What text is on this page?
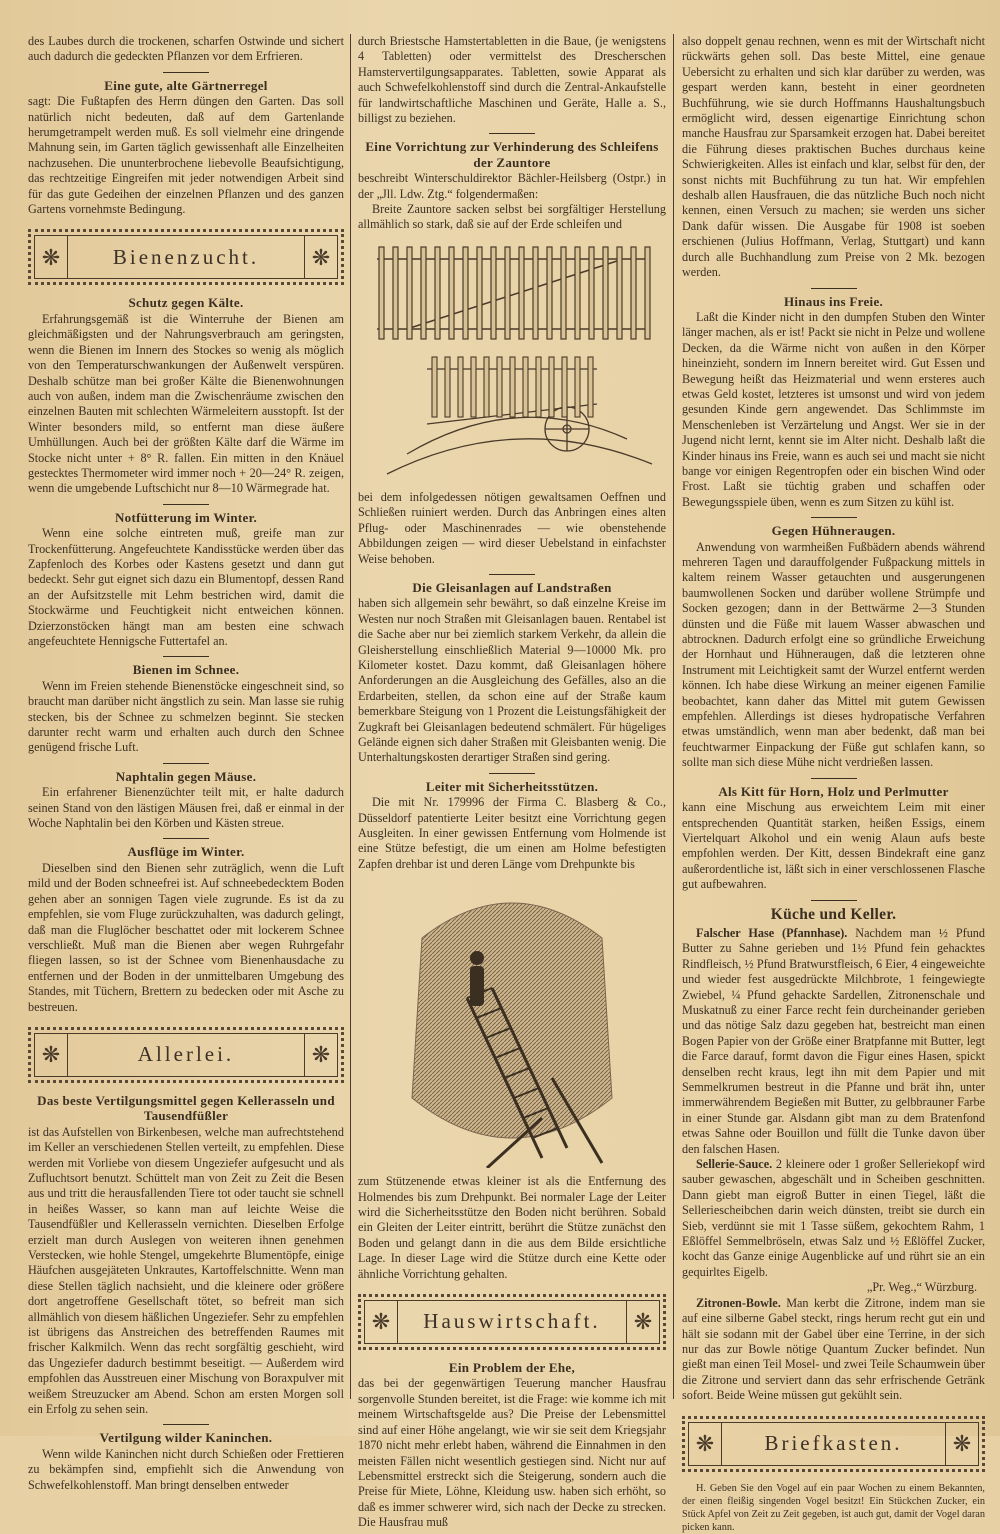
des Laubes durch die trockenen, scharfen Ostwinde und sichert auch dadurch die gedeckten Pflanzen vor dem Erfrieren.

Eine gute, alte Gärtnerregel

sagt: Die Fußtapfen des Herrn düngen den Garten. Das soll natürlich nicht bedeuten, daß auf dem Gartenlande herumgetrampelt werden muß. Es soll vielmehr eine dringende Mahnung sein, im Garten täglich gewissenhaft alle Einzelheiten nachzusehen. Die ununterbrochene liebevolle Beaufsichtigung, das rechtzeitige Eingreifen mit jeder notwendigen Arbeit sind für das gute Gedeihen der einzelnen Pflanzen und des ganzen Gartens vornehmste Bedingung.

❋	Bienenzucht.	❋
Schutz gegen Kälte.

Erfahrungsgemäß ist die Winterruhe der Bienen am gleichmäßigsten und der Nahrungsverbrauch am geringsten, wenn die Bienen im Innern des Stockes so wenig als möglich von den Temperaturschwankungen der Außenwelt verspüren. Deshalb schütze man bei großer Kälte die Bienenwohnungen auch von außen, indem man die Zwischenräume zwischen den einzelnen Bauten mit schlechten Wärmeleitern ausstopft. Ist der Winter besonders mild, so entfernt man diese äußere Umhüllungen. Auch bei der größten Kälte darf die Wärme im Stocke nicht unter + 8° R. fallen. Ein mitten in den Knäuel gestecktes Thermometer wird immer noch + 20—24° R. zeigen, wenn die umgebende Luftschicht nur 8—10 Wärmegrade hat.

Notfütterung im Winter.

Wenn eine solche eintreten muß, greife man zur Trockenfütterung. Angefeuchtete Kandisstücke werden über das Zapfenloch des Korbes oder Kastens gesetzt und dann gut bedeckt. Sehr gut eignet sich dazu ein Blumentopf, dessen Rand an der Aufsitzstelle mit Lehm bestrichen wird, damit die Stockwärme und Feuchtigkeit nicht entweichen können. Dzierzonstöcken hängt man am besten eine schwach angefeuchtete Hennigsche Futtertafel an.

Bienen im Schnee.

Wenn im Freien stehende Bienenstöcke eingeschneit sind, so braucht man darüber nicht ängstlich zu sein. Man lasse sie ruhig stecken, bis der Schnee zu schmelzen beginnt. Sie stecken darunter recht warm und erhalten auch durch den Schnee genügend frische Luft.

Naphtalin gegen Mäuse.

Ein erfahrener Bienenzüchter teilt mit, er halte dadurch seinen Stand von den lästigen Mäusen frei, daß er einmal in der Woche Naphtalin bei den Körben und Kästen streue.

Ausflüge im Winter.

Dieselben sind den Bienen sehr zuträglich, wenn die Luft mild und der Boden schneefrei ist. Auf schneebedecktem Boden gehen aber an sonnigen Tagen viele zugrunde. Es ist da zu empfehlen, sie vom Fluge zurückzuhalten, was dadurch gelingt, daß man die Fluglöcher beschattet oder mit lockerem Schnee verschließt. Muß man die Bienen aber wegen Ruhrgefahr fliegen lassen, so ist der Schnee vom Bienenhausdache zu entfernen und der Boden in der unmittelbaren Umgebung des Standes, mit Tüchern, Brettern zu bedecken oder mit Asche zu bestreuen.

❋	Allerlei.	❋
Das beste Vertilgungsmittel gegen Kellerasseln und Tausendfüßler

ist das Aufstellen von Birkenbesen, welche man aufrechtstehend im Keller an verschiedenen Stellen verteilt, zu empfehlen. Diese werden mit Vorliebe von diesem Ungeziefer aufgesucht und als Zufluchtsort benutzt. Schüttelt man von Zeit zu Zeit die Besen aus und tritt die herausfallenden Tiere tot oder taucht sie schnell in heißes Wasser, so kann man auf leichte Weise die Tausendfüßler und Kellerasseln vernichten. Dieselben Erfolge erzielt man durch Auslegen von weiteren ihnen genehmen Verstecken, wie hohle Stengel, umgekehrte Blumentöpfe, einige Häufchen ausgejäteten Unkrautes, Kartoffelschnitte. Wenn man diese Stellen täglich nachsieht, und die kleinere oder größere dort angetroffene Gesellschaft tötet, so befreit man sich allmählich von diesem häßlichen Ungeziefer. Sehr zu empfehlen ist übrigens das Anstreichen des betreffenden Raumes mit frischer Kalkmilch. Wenn das recht sorgfältig geschieht, wird das Ungeziefer dadurch bestimmt beseitigt. — Außerdem wird empfohlen das Ausstreuen einer Mischung von Boraxpulver mit weißem Streuzucker am Abend. Schon am ersten Morgen soll ein Erfolg zu sehen sein.

Vertilgung wilder Kaninchen.

Wenn wilde Kaninchen nicht durch Schießen oder Frettieren zu bekämpfen sind, empfiehlt sich die Anwendung von Schwefelkohlenstoff. Man bringt denselben entweder

durch Briestsche Hamstertabletten in die Baue, (je wenigstens 4 Tabletten) oder vermittelst des Drescherschen Hamstervertilgungsapparates. Tabletten, sowie Apparat als auch Schwefelkohlenstoff sind durch die Zentral-Ankaufstelle für landwirtschaftliche Maschinen und Geräte, Halle a. S., billigst zu beziehen.

Eine Vorrichtung zur Verhinderung des Schleifens der Zauntore

beschreibt Winterschuldirektor Bächler-Heilsberg (Ostpr.) in der „Jll. Ldw. Ztg.“ folgendermaßen:

Breite Zauntore sacken selbst bei sorgfältiger Herstellung allmählich so stark, daß sie auf der Erde schleifen und

bei dem infolgedessen nötigen gewaltsamen Oeffnen und Schließen ruiniert werden. Durch das Anbringen eines alten Pflug- oder Maschinenrades — wie obenstehende Abbildungen zeigen — wird dieser Uebelstand in einfachster Weise behoben.

Die Gleisanlagen auf Landstraßen

haben sich allgemein sehr bewährt, so daß einzelne Kreise im Westen nur noch Straßen mit Gleisanlagen bauen. Rentabel ist die Sache aber nur bei ziemlich starkem Verkehr, da allein die Gleisherstellung einschließlich Material 9—10000 Mk. pro Kilometer kostet. Dazu kommt, daß Gleisanlagen höhere Anforderungen an die Ausgleichung des Gefälles, also an die Erdarbeiten, stellen, da schon eine auf der Straße kaum bemerkbare Steigung von 1 Prozent die Leistungsfähigkeit der Zugkraft bei Gleisanlagen bedeutend schmälert. Für hügeliges Gelände eignen sich daher Straßen mit Gleisbanten wenig. Die Unterhaltungskosten derartiger Straßen sind gering.

Leiter mit Sicherheitsstützen.

Die mit Nr. 179996 der Firma C. Blasberg & Co., Düsseldorf patentierte Leiter besitzt eine Vorrichtung gegen Ausgleiten. In einer gewissen Entfernung vom Holmende ist eine Stütze befestigt, die um einen am Holme befestigten Zapfen drehbar ist und deren Länge vom Drehpunkte bis

zum Stützenende etwas kleiner ist als die Entfernung des Holmendes bis zum Drehpunkt. Bei normaler Lage der Leiter wird die Sicherheitsstütze den Boden nicht berühren. Sobald ein Gleiten der Leiter eintritt, berührt die Stütze zunächst den Boden und gelangt dann in die aus dem Bilde ersichtliche Lage. In dieser Lage wird die Stütze durch eine Kette oder ähnliche Vorrichtung gehalten.

❋	Hauswirtschaft.	❋
Ein Problem der Ehe,

das bei der gegenwärtigen Teuerung mancher Hausfrau sorgenvolle Stunden bereitet, ist die Frage: wie komme ich mit meinem Wirtschaftsgelde aus? Die Preise der Lebensmittel sind auf einer Höhe angelangt, wie wir sie seit dem Kriegsjahr 1870 nicht mehr erlebt haben, während die Einnahmen in den meisten Fällen nicht wesentlich gestiegen sind. Nicht nur auf Lebensmittel erstreckt sich die Steigerung, sondern auch die Preise für Miete, Löhne, Kleidung usw. haben sich erhöht, so daß es immer schwerer wird, sich nach der Decke zu strecken. Die Hausfrau muß

also doppelt genau rechnen, wenn es mit der Wirtschaft nicht rückwärts gehen soll. Das beste Mittel, eine genaue Uebersicht zu erhalten und sich klar darüber zu werden, was gespart werden kann, besteht in einer geordneten Buchführung, wie sie durch Hoffmanns Haushaltungsbuch ermöglicht wird, dessen eigenartige Einrichtung schon manche Hausfrau zur Sparsamkeit erzogen hat. Dabei bereitet die Führung dieses praktischen Buches durchaus keine Schwierigkeiten. Alles ist einfach und klar, selbst für den, der sonst nichts mit Buchführung zu tun hat. Wir empfehlen deshalb allen Hausfrauen, die das nützliche Buch noch nicht kennen, einen Versuch zu machen; sie werden uns sicher Dank dafür wissen. Die Ausgabe für 1908 ist soeben erschienen (Julius Hoffmann, Verlag, Stuttgart) und kann durch alle Buchhandlung zum Preise von 2 Mk. bezogen werden.

Hinaus ins Freie.

Laßt die Kinder nicht in den dumpfen Stuben den Winter länger machen, als er ist! Packt sie nicht in Pelze und wollene Decken, da die Wärme nicht von außen in den Körper hineinzieht, sondern im Innern bereitet wird. Gut Essen und Bewegung heißt das Heizmaterial und wenn ersteres auch etwas Geld kostet, letzteres ist umsonst und wird von jedem gesunden Kinde gern angewendet. Das Schlimmste im Menschenleben ist Verzärtelung und Angst. Wer sie in der Jugend nicht lernt, kennt sie im Alter nicht. Deshalb laßt die Kinder hinaus ins Freie, wann es auch sei und macht sie nicht bange vor einigen Regentropfen oder ein bischen Wind oder Frost. Laßt sie tüchtig graben und schaffen oder Bewegungsspiele üben, wenn es zum Sitzen zu kühl ist.

Gegen Hühneraugen.

Anwendung von warmheißen Fußbädern abends während mehreren Tagen und darauffolgender Fußpackung mittels in kaltem reinem Wasser getauchten und ausgerungenen baumwollenen Socken und darüber wollene Strümpfe und Socken gezogen; dann in der Bettwärme 2—3 Stunden dünsten und die Füße mit lauem Wasser abwaschen und abtrocknen. Dadurch erfolgt eine so gründliche Erweichung der Hornhaut und Hühneraugen, daß die letzteren ohne Instrument mit Leichtigkeit samt der Wurzel entfernt werden können. Ich habe diese Wirkung an meiner eigenen Familie beobachtet, kann daher das Mittel mit gutem Gewissen empfehlen. Allerdings ist dieses hydropatische Verfahren etwas umständlich, wenn man aber bedenkt, daß man bei feuchtwarmer Einpackung der Füße gut schlafen kann, so sollte man sich diese Mühe nicht verdrießen lassen.

Als Kitt für Horn, Holz und Perlmutter

kann eine Mischung aus erweichtem Leim mit einer entsprechenden Quantität starken, heißen Essigs, einem Viertelquart Alkohol und ein wenig Alaun aufs beste empfohlen werden. Der Kitt, dessen Bindekraft eine ganz außerordentliche ist, läßt sich in einer verschlossenen Flasche gut aufbewahren.

Küche und Keller.

Falscher Hase (Pfannhase). Nachdem man ½ Pfund Butter zu Sahne gerieben und 1½ Pfund fein gehacktes Rindfleisch, ½ Pfund Bratwurstfleisch, 6 Eier, 4 eingeweichte und wieder fest ausgedrückte Milchbrote, 1 feingewiegte Zwiebel, ¼ Pfund gehackte Sardellen, Zitronenschale und Muskatnuß zu einer Farce recht fein durcheinander gerieben und das nötige Salz dazu gegeben hat, bestreicht man einen Bogen Papier von der Größe einer Bratpfanne mit Butter, legt die Farce darauf, formt davon die Figur eines Hasen, spickt denselben recht kraus, legt ihn mit dem Papier und mit Semmelkrumen bestreut in die Pfanne und brät ihn, unter immerwährendem Begießen mit Butter, zu gelbbrauner Farbe in einer Stunde gar. Alsdann gibt man zu dem Bratenfond etwas Sahne oder Bouillon und füllt die Tunke davon über den falschen Hasen.

Sellerie-Sauce. 2 kleinere oder 1 großer Selleriekopf wird sauber gewaschen, abgeschält und in Scheiben geschnitten. Dann giebt man eigroß Butter in einen Tiegel, läßt die Selleriescheibchen darin weich dünsten, treibt sie durch ein Sieb, verdünnt sie mit 1 Tasse süßem, gekochtem Rahm, 1 Eßlöffel Semmelbröseln, etwas Salz und ½ Eßlöffel Zucker, kocht das Ganze einige Augenblicke auf und rührt sie an ein gequirltes Eigelb.

„Pr. Weg.,“ Würzburg.

Zitronen-Bowle. Man kerbt die Zitrone, indem man sie auf eine silberne Gabel steckt, rings herum recht gut ein und hält sie sodann mit der Gabel über eine Terrine, in der sich nur das zur Bowle nötige Quantum Zucker befindet. Nun gießt man einen Teil Mosel- und zwei Teile Schaumwein über die Zitrone und serviert dann das sehr erfrischende Getränk sofort. Beide Weine müssen gut gekühlt sein.

❋	Briefkasten.	❋

H. Geben Sie den Vogel auf ein paar Wochen zu einem Bekannten, der einen fleißig singenden Vogel besitzt! Ein Stückchen Zucker, ein Stück Apfel von Zeit zu Zeit gegeben, ist auch gut, damit der Vogel daran picken kann.
